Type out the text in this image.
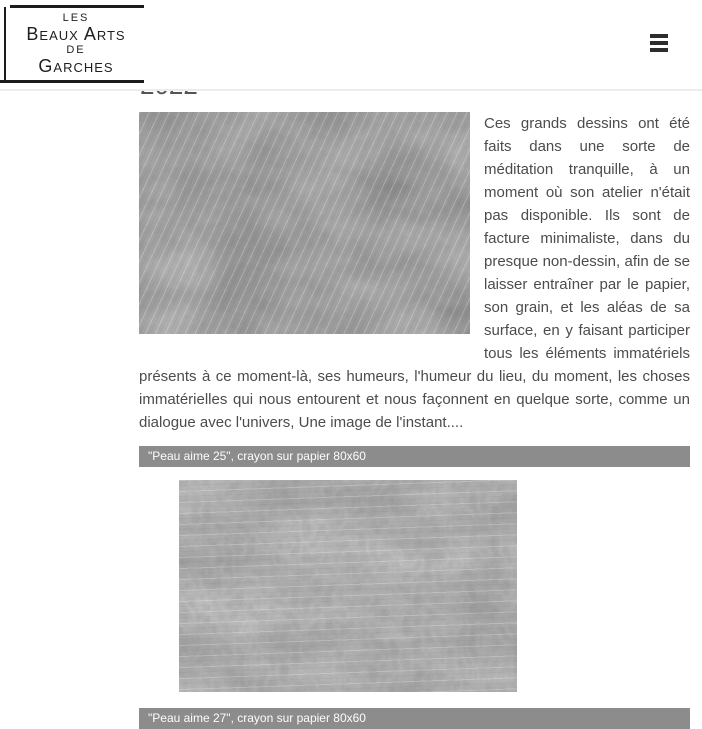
LES
Beaux Arts
DE
Garches

Ces grands dessins ont été faits dans une sorte de méditation tranquille, à un moment où son atelier n'était pas disponible. Ils sont de facture minimaliste, dans du presque non-dessin, afin de se laisser entraîner par le papier, son grain, et les aléas de sa surface, en y faisant participer tous les éléments immatériels présents à ce moment-là, ses humeurs, l'humeur du lieu, du moment, les choses immatérielles qui nous entourent et nous façonnent en quelque sorte, comme un dialogue avec l'univers, Une image de l'instant....

"Peau aime 25", crayon sur papier 80x60
"Peau aime 27", crayon sur papier 80x60
